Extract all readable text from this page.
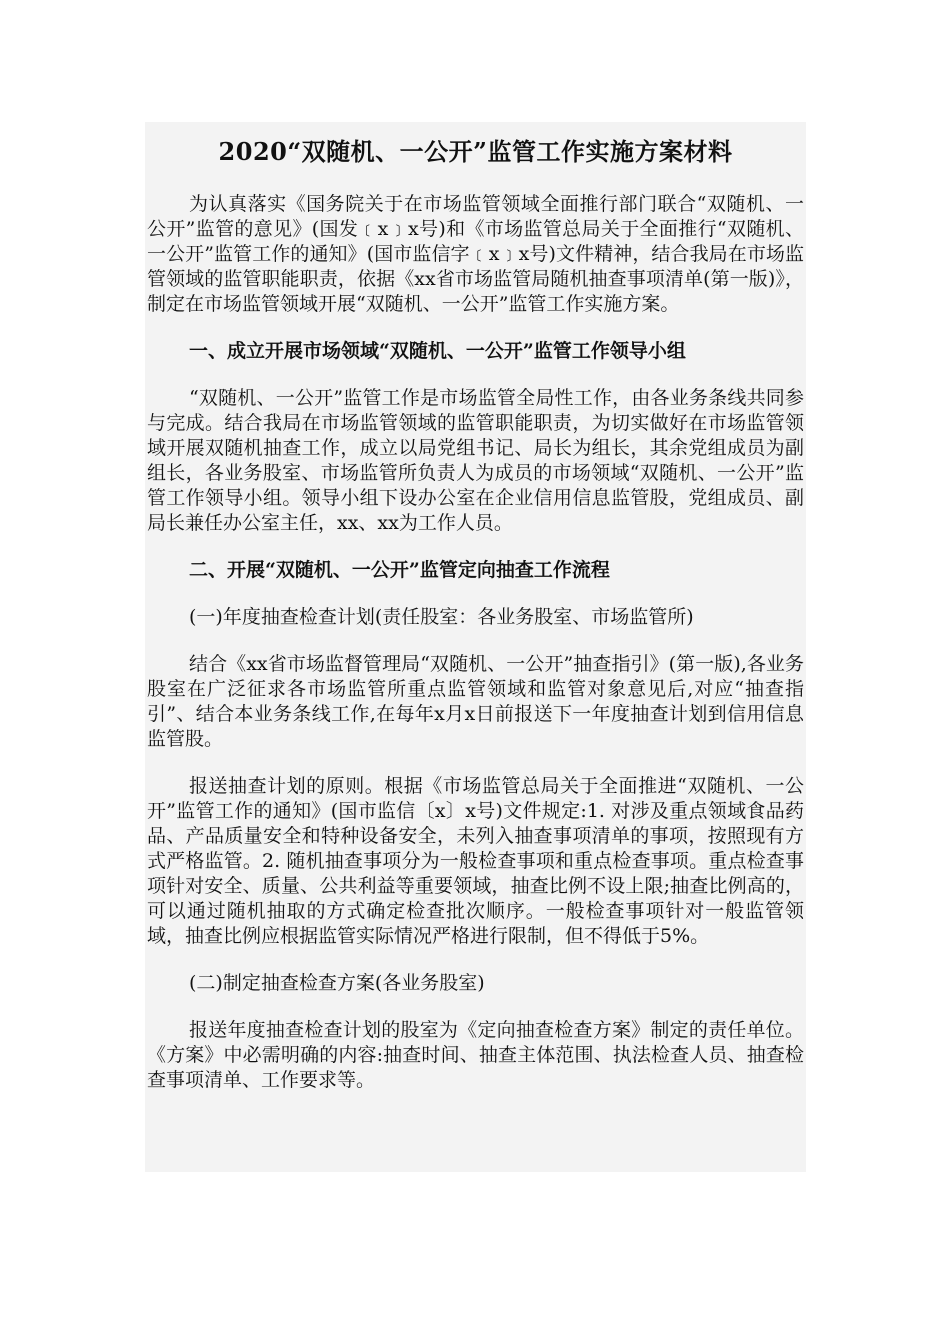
2020“双随机、一公开”监管工作实施方案材料

为认真落实《国务院关于在市场监管领域全面推行部门联合“双随机、一公开”监管的意见》(国发﹝x﹞x号)和《市场监管总局关于全面推行“双随机、一公开”监管工作的通知》(国市监信字﹝x﹞x号)文件精神，结合我局在市场监管领域的监管职能职责，依据《xx省市场监管局随机抽查事项清单(第一版)》，制定在市场监管领域开展“双随机、一公开”监管工作实施方案。

一、成立开展市场领域“双随机、一公开”监管工作领导小组

“双随机、一公开”监管工作是市场监管全局性工作，由各业务条线共同参与完成。结合我局在市场监管领域的监管职能职责，为切实做好在市场监管领域开展双随机抽查工作，成立以局党组书记、局长为组长，其余党组成员为副组长，各业务股室、市场监管所负责人为成员的市场领域“双随机、一公开”监管工作领导小组。领导小组下设办公室在企业信用信息监管股，党组成员、副局长兼任办公室主任，xx、xx为工作人员。

二、开展“双随机、一公开”监管定向抽查工作流程

(一)年度抽查检查计划(责任股室：各业务股室、市场监管所)

结合《xx省市场监督管理局“双随机、一公开”抽查指引》(第一版),各业务股室在广泛征求各市场监管所重点监管领域和监管对象意见后,对应“抽查指引”、结合本业务条线工作,在每年x月x日前报送下一年度抽查计划到信用信息监管股。

报送抽查计划的原则。根据《市场监管总局关于全面推进“双随机、一公开”监管工作的通知》(国市监信〔x〕x号)文件规定:1. 对涉及重点领域食品药品、产品质量安全和特种设备安全，未列入抽查事项清单的事项，按照现有方式严格监管。2. 随机抽查事项分为一般检查事项和重点检查事项。重点检查事项针对安全、质量、公共利益等重要领域，抽查比例不设上限;抽查比例高的，可以通过随机抽取的方式确定检查批次顺序。一般检查事项针对一般监管领域，抽查比例应根据监管实际情况严格进行限制，但不得低于5%。

(二)制定抽查检查方案(各业务股室)

报送年度抽查检查计划的股室为《定向抽查检查方案》制定的责任单位。《方案》中必需明确的内容:抽查时间、抽查主体范围、执法检查人员、抽查检查事项清单、工作要求等。
